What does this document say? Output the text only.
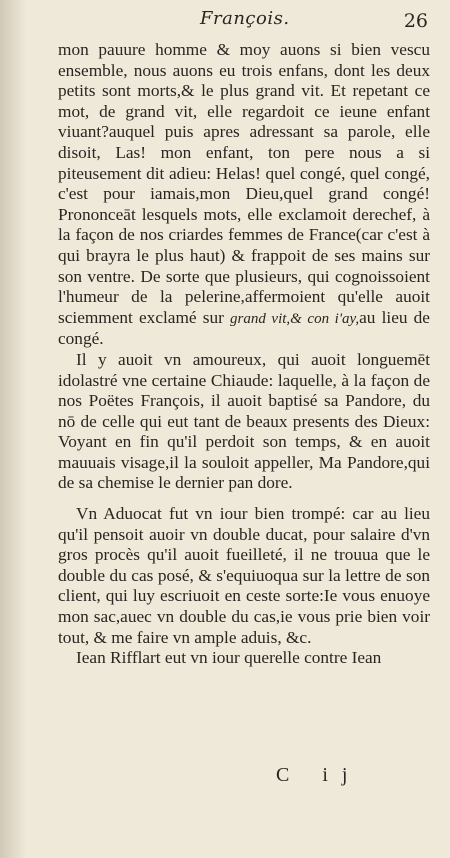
François.	26

mon pauure homme & moy auons si bien vescu ensemble, nous auons eu trois enfans, dont les deux petits sont morts,& le plus grand vit. Et repetant ce mot, de grand vit, elle regardoit ce ieune enfant viuant?auquel puis apres adressant sa parole, elle disoit, Las! mon enfant, ton pere nous a si piteusement dit adieu: Helas! quel congé, quel congé, c'est pour iamais,mon Dieu,quel grand congé! Prononceāt lesquels mots, elle exclamoit derechef, à la façon de nos criardes femmes de France(car c'est à qui brayra le plus haut) & frappoit de ses mains sur son ventre. De sorte que plusieurs, qui cognoissoient l'humeur de la pelerine,affermoient qu'elle auoit sciemment exclamé sur grand vit,& con i'ay,au lieu de congé.

Il y auoit vn amoureux, qui auoit longuemēt idolastré vne certaine Chiaude: laquelle, à la façon de nos Poëtes François, il auoit baptisé sa Pandore, du nō de celle qui eut tant de beaux presents des Dieux: Voyant en fin qu'il perdoit son temps, & en auoit mauuais visage,il la souloit appeller, Ma Pandore,qui de sa chemise le dernier pan dore.

Vn Aduocat fut vn iour bien trompé: car au lieu qu'il pensoit auoir vn double ducat, pour salaire d'vn gros procès qu'il auoit fueilleté, il ne trouua que le double du cas posé, & s'equiuoqua sur la lettre de son client, qui luy escriuoit en ceste sorte:Ie vous enuoye mon sac,auec vn double du cas,ie vous prie bien voir tout, & me faire vn ample aduis, &c.

Iean Rifflart eut vn iour querelle contre Iean

C ij
